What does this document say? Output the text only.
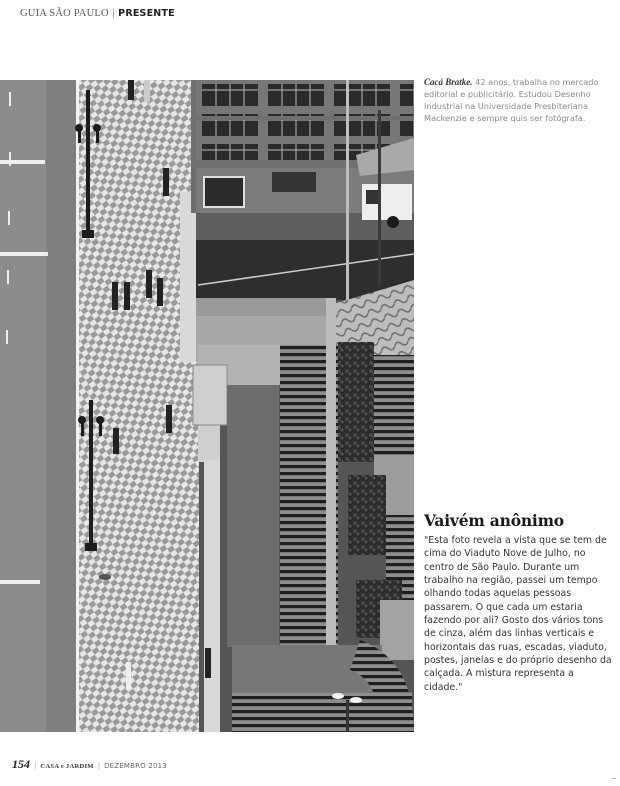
GUIA SÃO PAULO | PRESENTE
Cacá Bratke. 42 anos, trabalha no mercado editorial e publicitário. Estudou Desenho Industrial na Universidade Presbiteriana Mackenzie e sempre quis ser fotógrafa.
Vaivém anônimo

"Esta foto revela a vista que se tem de cima do Viaduto Nove de Julho, no centro de São Paulo. Durante um trabalho na região, passei um tempo olhando todas aquelas pessoas passarem. O que cada um estaria fazendo por ali? Gosto dos vários tons de cinza, além das linhas verticais e horizontais das ruas, escadas, viaduto, postes, janelas e do próprio desenho da calçada. A mistura representa a cidade."

154 | CASA e JARDIM | DEZEMBRO 2013
